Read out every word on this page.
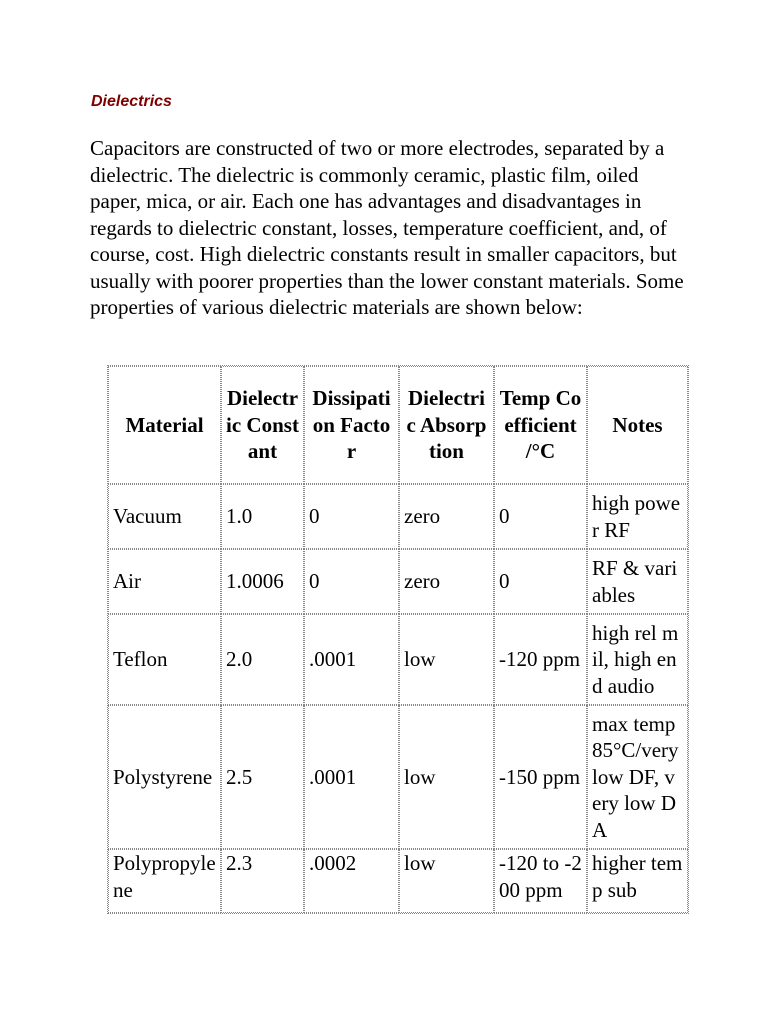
Dielectrics

Capacitors are constructed of two or more electrodes, separated by a dielectric. The dielectric is commonly ceramic, plastic film, oiled paper, mica, or air. Each one has advantages and disadvantages in regards to dielectric constant, losses, temperature coefficient, and, of course, cost. High dielectric constants result in smaller capacitors, but usually with poorer properties than the lower constant materials. Some properties of various dielectric materials are shown below:

Material	Dielectric Constant	Dissipation Factor	Dielectric Absorption	Temp Coefficient /°C	Notes
Vacuum	1.0	0	zero	0	high power RF
Air	1.0006	0	zero	0	RF & variables
Teflon	2.0	.0001	low	-120 ppm	high rel mil, high end audio
Polystyrene	2.5	.0001	low	-150 ppm	max temp 85°C/very low DF, very low DA
Polypropylene	2.3	.0002	low	-120 to -200 ppm	higher temp sub
